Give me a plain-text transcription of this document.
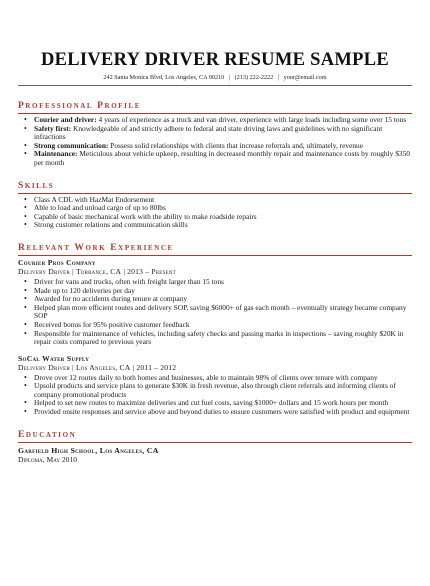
DELIVERY DRIVER RESUME SAMPLE
242 Santa Monica Blvd, Los Angeles, CA 90210 | (213) 222-2222 | your@email.com
Professional Profile
• Courier and driver: 4 years of experience as a truck and van driver, experience with large loads including some over 15 tons
• Safety first: Knowledgeable of and strictly adhere to federal and state driving laws and guidelines with no significant infractions
• Strong communication: Possess solid relationships with clients that increase referrals and, ultimately, revenue
• Maintenance: Meticulous about vehicle upkeep, resulting in decreased monthly repair and maintenance costs by roughly $350 per month
Skills
• Class A CDL with HazMat Endorsement
• Able to load and unload cargo of up to 80lbs
• Capable of basic mechanical work with the ability to make roadside repairs
• Strong customer relations and communication skills
Relevant Work Experience
Courier Pros Company
Delivery Driver | Torrance, CA | 2013 – Present
• Driver for vans and trucks, often with freight larger than 15 tons
• Made up to 120 deliveries per day
• Awarded for no accidents during tenure at company
• Helped plan more efficient routes and delivery SOP, saving $6000+ of gas each month – eventually strategy became company SOP
• Received bonus for 95% positive customer feedback
• Responsible for maintenance of vehicles, including safety checks and passing marks in inspections – saving roughly $20K in repair costs compared to previous years
SoCal Water Supply
Delivery Driver | Los Angeles, CA | 2011 – 2012
• Drove over 12 routes daily to both homes and businesses, able to maintain 98% of clients over tenure with company
• Upsold products and service plans to generate $30K in fresh revenue, also through client referrals and informing clients of company promotional products
• Helped to set new routes to maximize deliveries and cut fuel costs, saving $1000+ dollars and 15 work hours per month
• Provided onsite responses and service above and beyond duties to ensure customers were satisfied with product and equipment
Education
Garfield High School, Los Angeles, CA
Diploma, May 2010
